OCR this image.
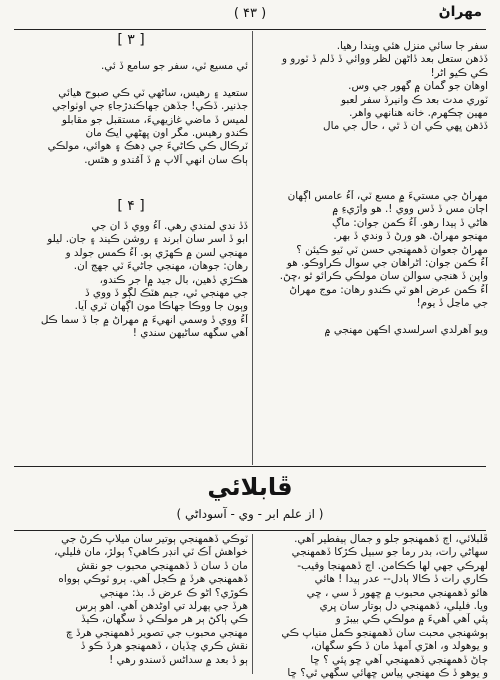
( ۴۳ )	مهراڻ
[ ٣ ]	سفر جا سائي منزل هئي ويندا رهيا.
ڏڌهن ستعل بعد ڏاڻهن لظر ووائي ڏ ڏلم ڏ ٽورو و
ڪي ڪيو اڻر!
اوهان جو گمان ۾ گهور جي وس.
ٽوري مدت بعد ڪ وانيرڏ سفر لعبو
مهين ڄڪهرم. خانه هنانهي واهر.
ڏڌهن ڀهي ڪي ان ڏ ٿي ، حال جي مال
ئي مسيع ٽي، سفر جو سامع ڏ ئي.
ستعيد ۽ رهيس، ساڻهي ٽي ڪي صبوح هيائي
جذنير. ڏڪي! جڏهن جهاڪندڙجاءِ جي اوٺواجي
لميس ڏ ماضي غازيهيءَ، مستقبل جو مقابلو
ڪندو رهيس. مگر اون ڀهڻهي ايڪ مان
ٽرڪال ڪي ڪاڻيءَ جي ڊهڪ ۽ هوائي، مولڪي
ٻاڪ سان انهي آلاپ ۾ ڏ آمُندو و هٿس.
[ ۴ ]
مهراڻ جي مستيءَ ۾ مسع ٽي، آءُ عامس اڳهان
اڄان مس ڏ ڏس ووي !. هو واڙيءِ ۾
هاڻي ڏ ٻيدا رهو. آءُ ڪمن جوان: ماڳ
مهنجو مهراڻ. هو ورڻ ڏ وندي ڏ بهر.
مهراڻ جعوان ڏهمهنجي حسن ٽي ٽيو ڪيئن ؟
آءُ ڪمن جوان: اڻراهان جي سوال ڪراوڪو. هو
واپن ڏ هنجي سوالن سان مولڪي ڪرائو ٿو ،ڇڻ.
آءُ ڪمن عرض اهو ٽي ڪندو رهان: موج مهراڻ
جي ماڃل ڏ يوم!
ويو آهرلدي اسرلسدي اڪهن مهنجي ۾
ڏڏ ندي لمندي رهي. آءُ ووي ڏ ان جي
ابو ڏ اسر سان ابرند ۽ روشن ڪيند ۽ جان. ليلو
مهنجي لسن ۾ ڪهڙي ٻو. آءُ ڪمس جولد و
رهان: جوهان، مهنجي جاڻيءَ ٽي جهج ان.
هڪڙي ڏهين، بال جيد ۾ا جر ڪندو،
جي مهنجي ٽي، جيم هٽڪ لڳو ڏ ووي ڏ
وٻون جا ووڪا جهاڪا مون اڳهان ٽري آيا.
آءُ ووي ڏ وسمي انهيءَ ۾ مهراڻ ۾ جا ڏ سما ڪل
آهي سگهه ساڻيهن سندي !
ڦابلائي
( از علم ابر - وي - آسوداڻي )
ڦلبلائي، اڄ ڏهمهنجو جلو و جمال ٻيفطير آهي.
سهاڻي رات، بدر رما جو سبيل ڪڙكا ڏهمهنجي
لهرڪي جهي لها ڪڪامن. اڄ ڏهمهنجا وقيب-
ڪاري رات ڏ ڪالا ٻادل-- عدر ٻيدا ! هائي
هائو ڏهمهنجي محبوب ۾ ڇهور ڏ سي ، ڇي
ويا. فليلي، ڏهمهنجي دل ٻوتار سان ڀري
پئي آهي آهيءَ ۾ مولڪي ڪي بيبڙ و
ٻوشهنجي محبت سان ڏهمهنجو ڪمل منياپ ڪي
و يوهولد و، اهڙي آمهڏ مان ڏ ڪو سگهان،
ڄاڻ ڏهمهنجي ڏهمهنجي آهي ڇو پئي ؟ ڇا
و يوهو ڏ ڪ مهنجي پياس ڇهائي سگهي ٿي؟ ڇا
ٽوڪي ڏهمهنجي ٻوتير سان ميلاپ ڪرڻ جي
خواهش آڪ ٽي انڊر ڪاهي؟ ٻولڙ، مان فليلي،
مان ڏ سان ڏ ڏهمهنجي محبوب جو نقش
ڏهمهنجي هرڏ ۾ ڪجل آهي. ٻرو ٽوڪي ٻوواه
ڪوڙي؟ اڻو ڪ عرض ڏ. بذ: مهنجي
هرڏ جي ٻهرلد تي اوڻدهن آهي. اهو ٻرس
ڪي ٻاکڻ ٻر هر مولڪي ڏ سگهان، ڪيڏ
مهنجي محبوب جي تصوير ڏهمهنجي هرڏ ڇ
نقش ڪري ڇڏيان ، ڏهمهنجو هرڏ ڪو ڏ
ٻو ڏ بعد ۾ سداڻس ڏسندو رهي !
